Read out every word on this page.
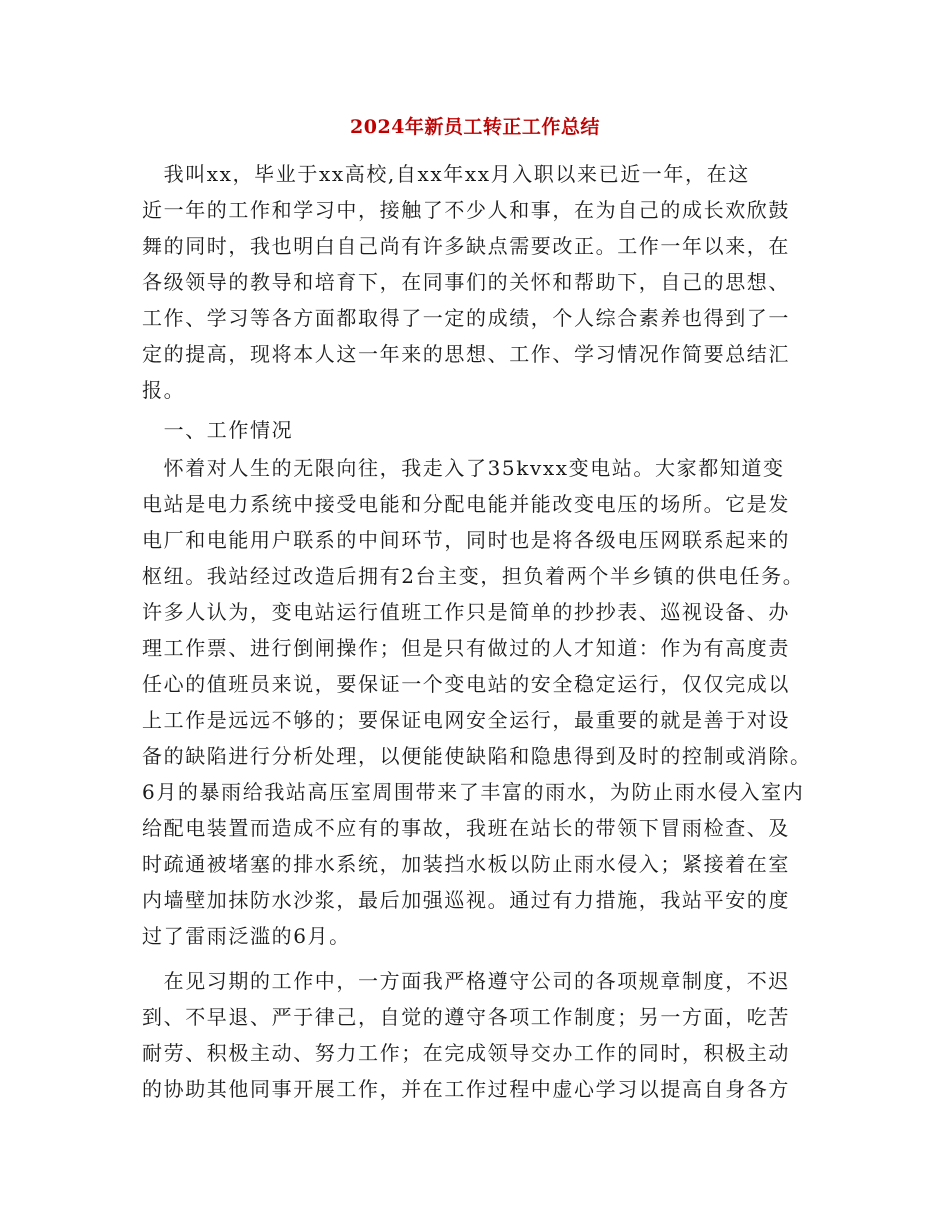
2024年新员工转正工作总结
　我叫xx，毕业于xx高校,自xx年xx月入职以来已近一年，在这
近一年的工作和学习中，接触了不少人和事，在为自己的成长欢欣鼓
舞的同时，我也明白自己尚有许多缺点需要改正。工作一年以来，在
各级领导的教导和培育下，在同事们的关怀和帮助下，自己的思想、
工作、学习等各方面都取得了一定的成绩，个人综合素养也得到了一
定的提高，现将本人这一年来的思想、工作、学习情况作简要总结汇
报。
　一、工作情况
　怀着对人生的无限向往，我走入了35kvxx变电站。大家都知道变
电站是电力系统中接受电能和分配电能并能改变电压的场所。它是发
电厂和电能用户联系的中间环节，同时也是将各级电压网联系起来的
枢纽。我站经过改造后拥有2台主变，担负着两个半乡镇的供电任务。
许多人认为，变电站运行值班工作只是简单的抄抄表、巡视设备、办
理工作票、进行倒闸操作；但是只有做过的人才知道：作为有高度责
任心的值班员来说，要保证一个变电站的安全稳定运行，仅仅完成以
上工作是远远不够的；要保证电网安全运行，最重要的就是善于对设
备的缺陷进行分析处理，以便能使缺陷和隐患得到及时的控制或消除。
6月的暴雨给我站高压室周围带来了丰富的雨水，为防止雨水侵入室内
给配电装置而造成不应有的事故，我班在站长的带领下冒雨检查、及
时疏通被堵塞的排水系统，加装挡水板以防止雨水侵入；紧接着在室
内墙壁加抹防水沙浆，最后加强巡视。通过有力措施，我站平安的度
过了雷雨泛滥的6月。
　在见习期的工作中，一方面我严格遵守公司的各项规章制度，不迟
到、不早退、严于律己，自觉的遵守各项工作制度；另一方面，吃苦
耐劳、积极主动、努力工作；在完成领导交办工作的同时，积极主动
的协助其他同事开展工作，并在工作过程中虚心学习以提高自身各方
